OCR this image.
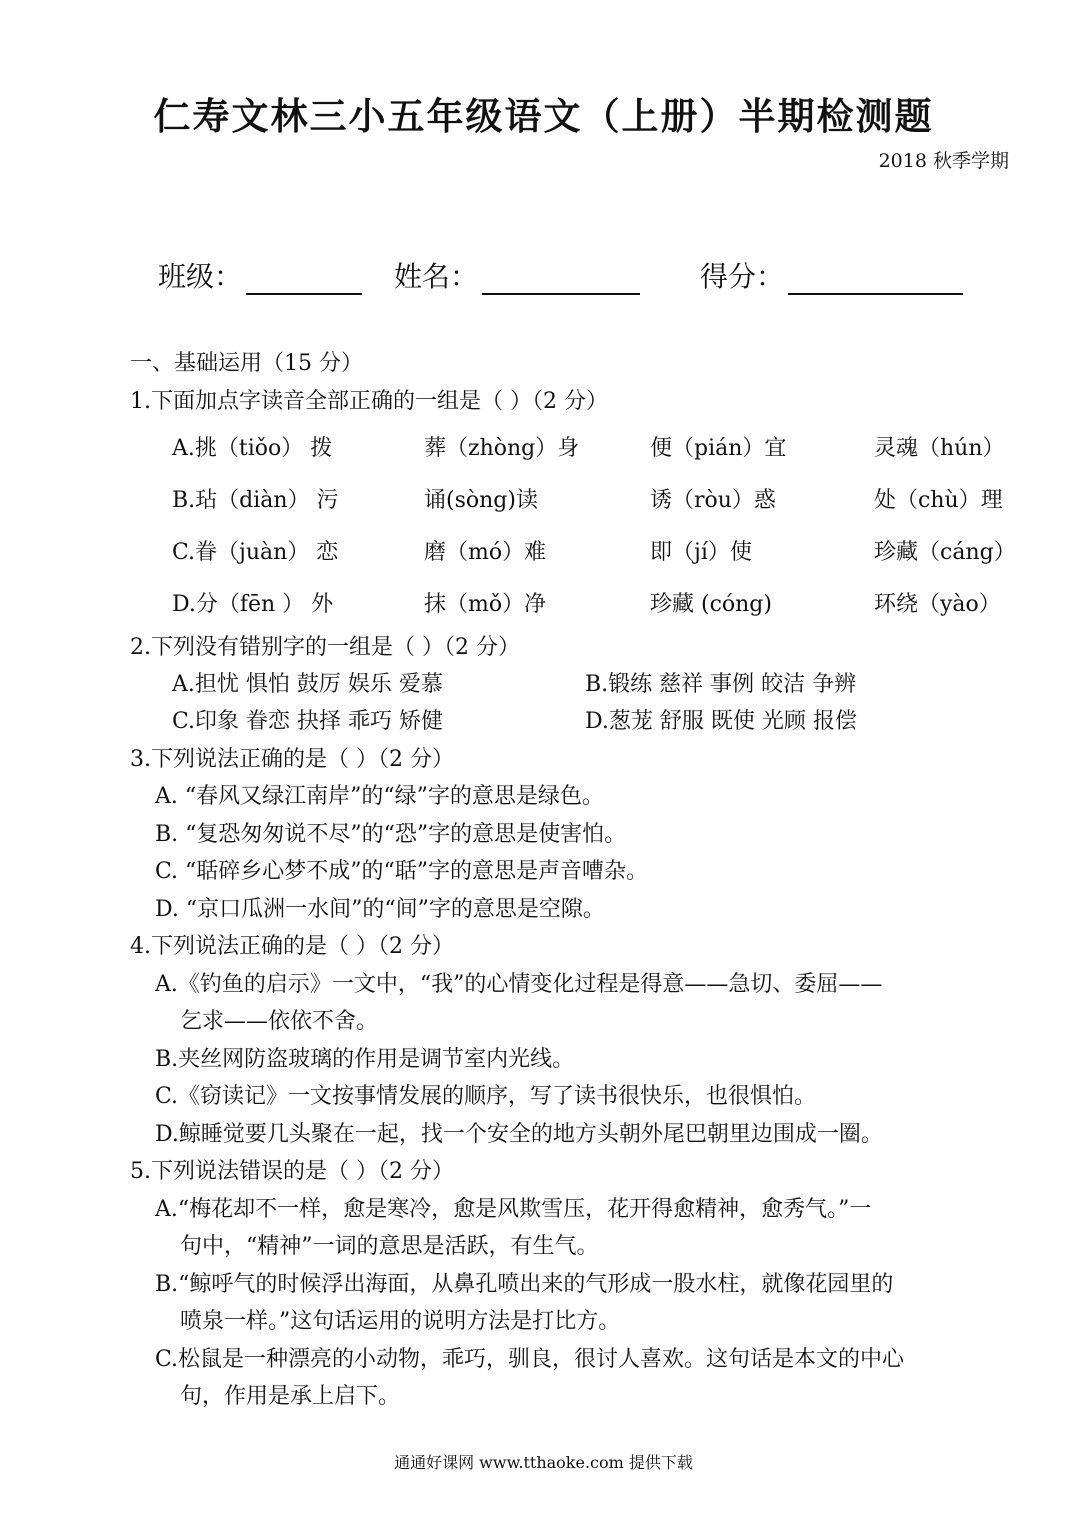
仁寿文林三小五年级语文（上册）半期检测题
2018 秋季学期
班级：	姓名：	得分：
一、基础运用（15 分）
1.下面加点字读音全部正确的一组是（ ）（2 分）
A.挑（tiǒo） 拨	葬（zhòng）身	便（pián）宜	灵魂（hún）
B.玷（diàn） 污	诵(sòng)读	诱（ròu）惑	处（chù）理
C.眷（juàn） 恋	磨（mó）难	即（jí）使	珍藏（cáng）
D.分（fēn ） 外	抹（mǒ）净	珍藏 (cóng)	环绕（yào）
2.下列没有错别字的一组是（ ）（2 分）
A.担忧 惧怕 鼓厉 娱乐 爱慕	B.锻练 慈祥 事例 皎洁 争辨
C.印象 眷恋 抉择 乖巧 矫健	D.葱茏 舒服 既使 光顾 报偿
3.下列说法正确的是（ ）（2 分）
A. “春风又绿江南岸”的“绿”字的意思是绿色。
B. “复恐匆匆说不尽”的“恐”字的意思是使害怕。
C. “聒碎乡心梦不成”的“聒”字的意思是声音嘈杂。
D. “京口瓜洲一水间”的“间”字的意思是空隙。
4.下列说法正确的是（ ）（2 分）
A.《钓鱼的启示》一文中，“我”的心情变化过程是得意——急切、委屈——
乞求——依依不舍。
B.夹丝网防盗玻璃的作用是调节室内光线。
C.《窃读记》一文按事情发展的顺序，写了读书很快乐，也很惧怕。
D.鲸睡觉要几头聚在一起，找一个安全的地方头朝外尾巴朝里边围成一圈。
5.下列说法错误的是（ ）（2 分）
A.“梅花却不一样，愈是寒冷，愈是风欺雪压，花开得愈精神，愈秀气。”一
句中，“精神”一词的意思是活跃，有生气。
B.“鲸呼气的时候浮出海面，从鼻孔喷出来的气形成一股水柱，就像花园里的
喷泉一样。”这句话运用的说明方法是打比方。
C.松鼠是一种漂亮的小动物，乖巧，驯良，很讨人喜欢。这句话是本文的中心
句，作用是承上启下。
通通好课网 www.tthaoke.com 提供下载
